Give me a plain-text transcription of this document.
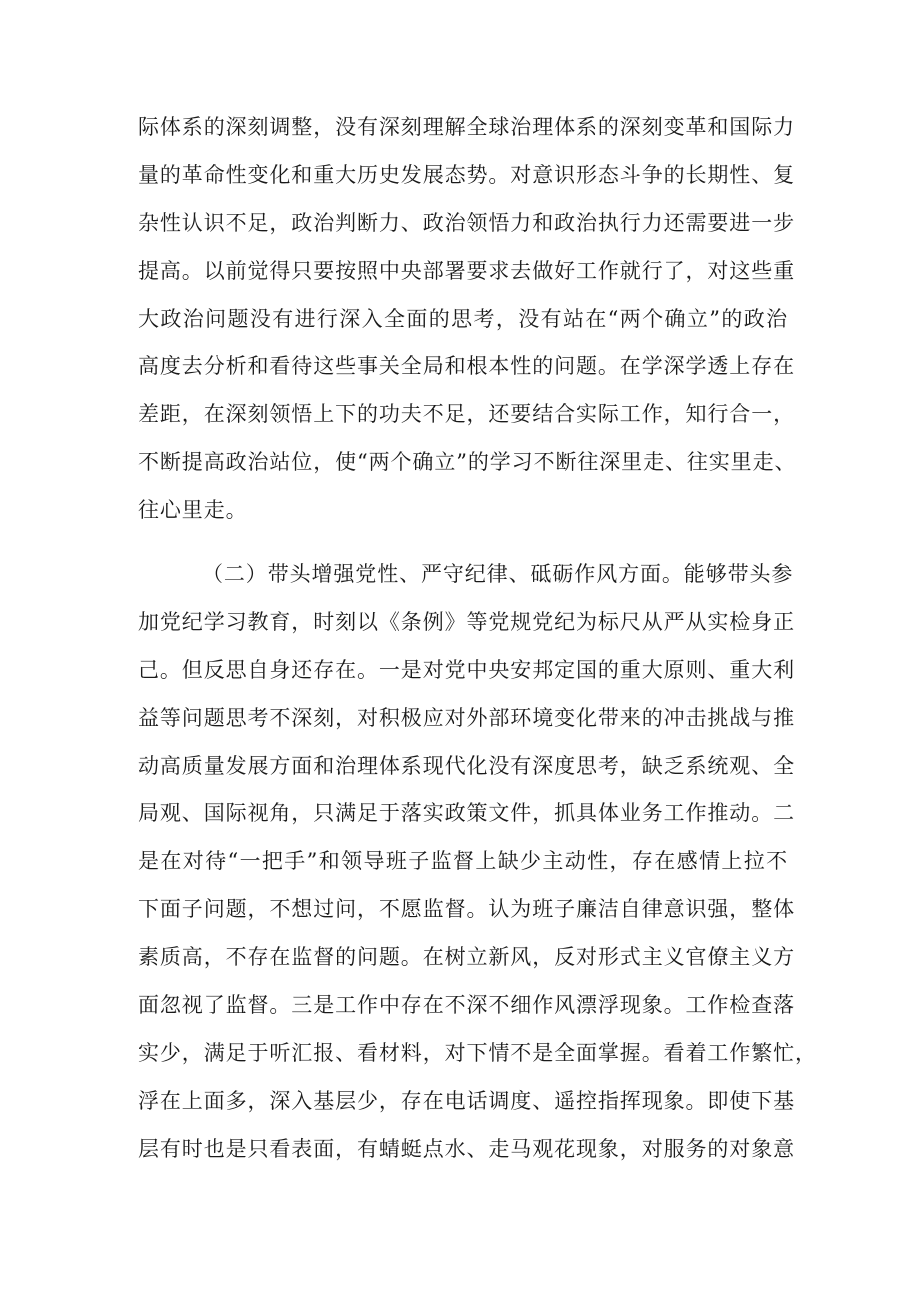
际体系的深刻调整，没有深刻理解全球治理体系的深刻变革和国际力
量的革命性变化和重大历史发展态势。对意识形态斗争的长期性、复
杂性认识不足，政治判断力、政治领悟力和政治执行力还需要进一步
提高。以前觉得只要按照中央部署要求去做好工作就行了，对这些重
大政治问题没有进行深入全面的思考，没有站在“两个确立”的政治
高度去分析和看待这些事关全局和根本性的问题。在学深学透上存在
差距，在深刻领悟上下的功夫不足，还要结合实际工作，知行合一，
不断提高政治站位，使“两个确立”的学习不断往深里走、往实里走、
往心里走。
（二）带头增强党性、严守纪律、砥砺作风方面。能够带头参
加党纪学习教育，时刻以《条例》等党规党纪为标尺从严从实检身正
己。但反思自身还存在。一是对党中央安邦定国的重大原则、重大利
益等问题思考不深刻，对积极应对外部环境变化带来的冲击挑战与推
动高质量发展方面和治理体系现代化没有深度思考，缺乏系统观、全
局观、国际视角，只满足于落实政策文件，抓具体业务工作推动。二
是在对待“一把手”和领导班子监督上缺少主动性，存在感情上拉不
下面子问题，不想过问，不愿监督。认为班子廉洁自律意识强，整体
素质高，不存在监督的问题。在树立新风，反对形式主义官僚主义方
面忽视了监督。三是工作中存在不深不细作风漂浮现象。工作检查落
实少，满足于听汇报、看材料，对下情不是全面掌握。看着工作繁忙，
浮在上面多，深入基层少，存在电话调度、遥控指挥现象。即使下基
层有时也是只看表面，有蜻蜓点水、走马观花现象，对服务的对象意
